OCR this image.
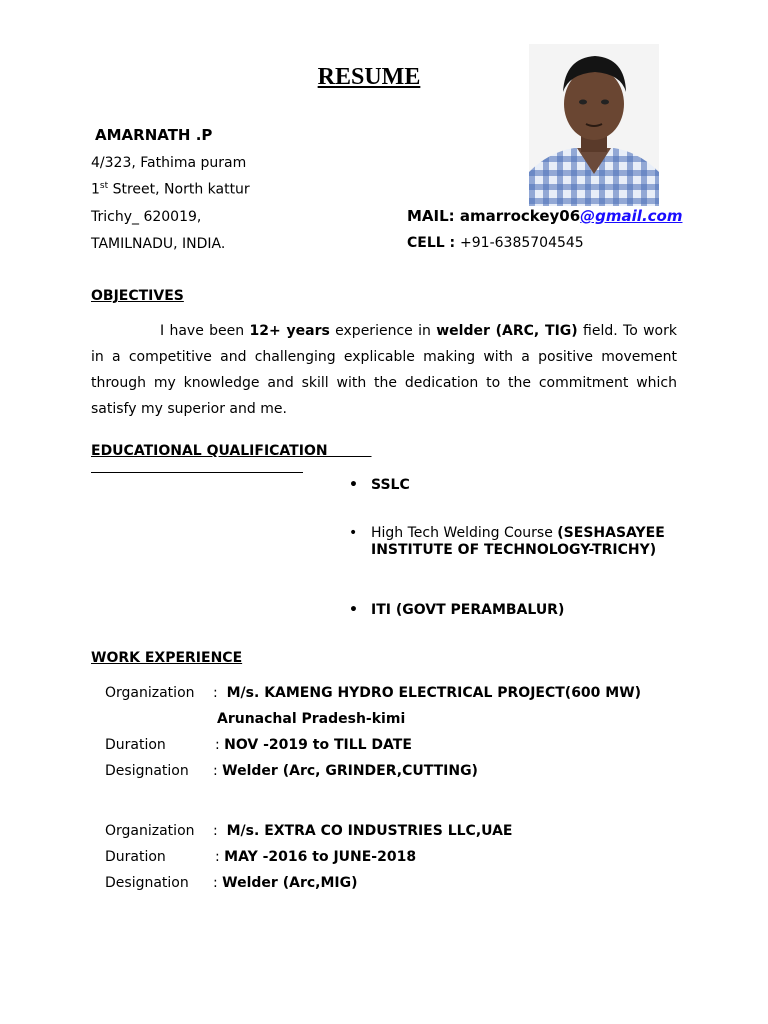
RESUME
AMARNATH .P
4/323, Fathima puram
1st Street, North kattur
Trichy_ 620019,
TAMILNADU, INDIA.
MAIL: amarrockey06@gmail.com
CELL : +91-6385704545
OBJECTIVES
I have been 12+ years experience in welder (ARC, TIG) field. To work in a competitive and challenging explicable making with a positive movement through my knowledge and skill with the dedication to the commitment which satisfy my superior and me.
EDUCATIONAL QUALIFICATION
• SSLC
• High Tech Welding Course (SESHASAYEE
INSTITUTE OF TECHNOLOGY-TRICHY)
• ITI (GOVT PERAMBALUR)
WORK EXPERIENCE
Organization :  M/s. KAMENG HYDRO ELECTRICAL PROJECT(600 MW)
Arunachal Pradesh-kimi
Duration	: NOV -2019 to TILL DATE
Designation : Welder (Arc, GRINDER,CUTTING)
Organization :  M/s. EXTRA CO INDUSTRIES LLC,UAE
Duration	: MAY -2016 to JUNE-2018
Designation : Welder (Arc,MIG)
